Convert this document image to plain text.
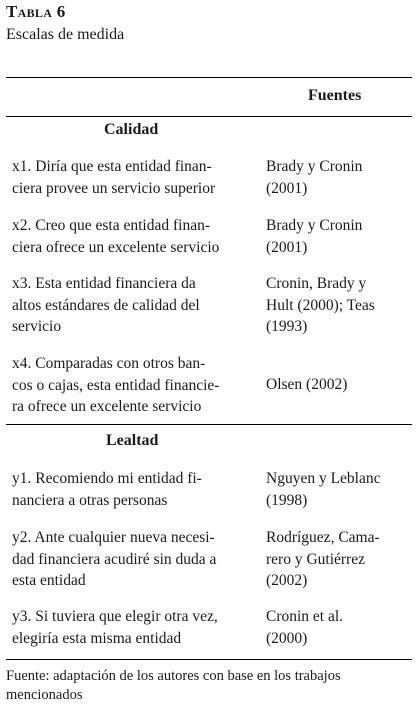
Tabla 6
Escalas de medida
Fuentes
Calidad
x1. Diría que esta entidad finan-
ciera provee un servicio superior
Brady y Cronin
(2001)
x2. Creo que esta entidad finan-
ciera ofrece un excelente servicio
Brady y Cronin
(2001)
x3. Esta entidad financiera da
altos estándares de calidad del
servicio
Cronin, Brady y
Hult (2000); Teas
(1993)
x4. Comparadas con otros ban-
cos o cajas, esta entidad financie-
ra ofrece un excelente servicio
Olsen (2002)
Lealtad
y1. Recomiendo mi entidad fi-
nanciera a otras personas
Nguyen y Leblanc
(1998)
y2. Ante cualquier nueva necesi-
dad financiera acudiré sin duda a
esta entidad
Rodríguez, Cama-
rero y Gutiérrez
(2002)
y3. Si tuviera que elegir otra vez,
elegiría esta misma entidad
Cronin et al.
(2000)
Fuente: adaptación de los autores con base en los trabajos
mencionados
